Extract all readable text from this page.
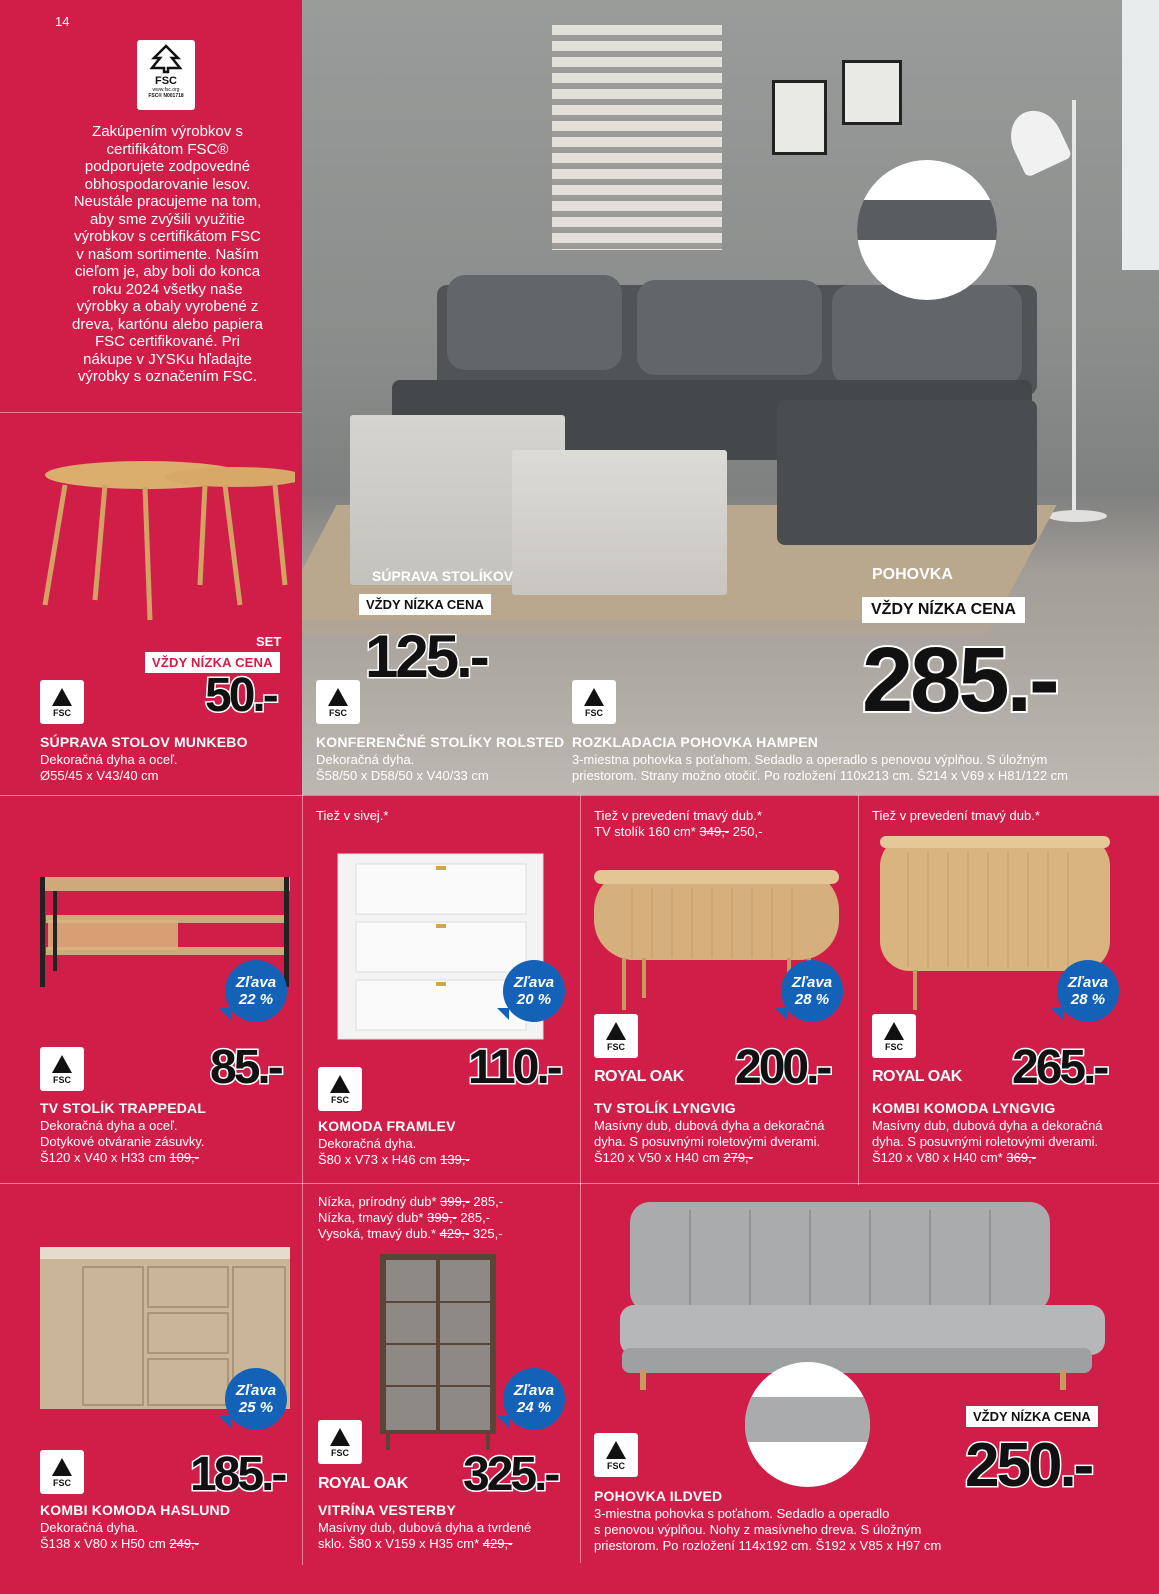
14
FSC
www.fsc.org
FSC® N001718
Zakúpením výrobkov s certifikátom FSC® podporujete zodpovedné obhospodarovanie lesov. Neustále pracujeme na tom, aby sme zvýšili využitie výrobkov s certifikátom FSC v našom sortimente. Naším cieľom je, aby boli do konca roku 2024 všetky naše výrobky a obaly vyrobené z dreva, kartónu alebo papiera FSC certifikované. Pri nákupe v JYSKu hľadajte výrobky s označením FSC.
SET
VŽDY NÍZKA CENA
FSC	50.-
SÚPRAVA STOLOV MUNKEBO
Dekoračná dyha a oceľ.
Ø55/45 x V43/40 cm
SÚPRAVA STOLÍKOV
VŽDY NÍZKA CENA
125.-
FSC
KONFERENČNÉ STOLÍKY ROLSTED
Dekoračná dyha.
Š58/50 x D58/50 x V40/33 cm
POHOVKA
VŽDY NÍZKA CENA
285.-
FSC
ROZKLADACIA POHOVKA HAMPEN
3-miestna pohovka s poťahom. Sedadlo a operadlo s penovou výplňou. S úložným
priestorom. Strany možno otočiť. Po rozložení 110x213 cm. Š214 x V69 x H81/122 cm
Zľava
22 %
FSC	85.-
TV STOLÍK TRAPPEDAL
Dekoračná dyha a oceľ.
Dotykové otváranie zásuvky.
Š120 x V40 x H33 cm 109,-
Tiež v sivej.*
Zľava
20 %
FSC
110.-
KOMODA FRAMLEV
Dekoračná dyha.
Š80 x V73 x H46 cm 139,-
Tiež v prevedení tmavý dub.*
TV stolík 160 cm* 349,- 250,-
Zľava
28 %
FSC
ROYAL OAK 200.-
TV STOLÍK LYNGVIG
Masívny dub, dubová dyha a dekoračná
dyha. S posuvnými roletovými dverami.
Š120 x V50 x H40 cm 279,-
Tiež v prevedení tmavý dub.*
Zľava
28 %
FSC
ROYAL OAK 265.-
KOMBI KOMODA LYNGVIG
Masívny dub, dubová dyha a dekoračná
dyha. S posuvnými roletovými dverami.
Š120 x V80 x H40 cm* 369,-
Zľava
25 %
FSC 185.-
KOMBI KOMODA HASLUND
Dekoračná dyha.
Š138 x V80 x H50 cm 249,-
Nízka, prírodný dub* 399,- 285,-
Nízka, tmavý dub* 399,- 285,-
Vysoká, tmavý dub.* 429,- 325,-
Zľava
24 %
FSC
ROYAL OAK 325.-
VITRÍNA VESTERBY
Masívny dub, dubová dyha a tvrdené
sklo. Š80 x V159 x H35 cm* 429,-
VŽDY NÍZKA CENA
FSC	250.-
POHOVKA ILDVED
3-miestna pohovka s poťahom. Sedadlo a operadlo
s penovou výplňou. Nohy z masívneho dreva. S úložným
priestorom. Po rozložení 114x192 cm. Š192 x V85 x H97 cm
